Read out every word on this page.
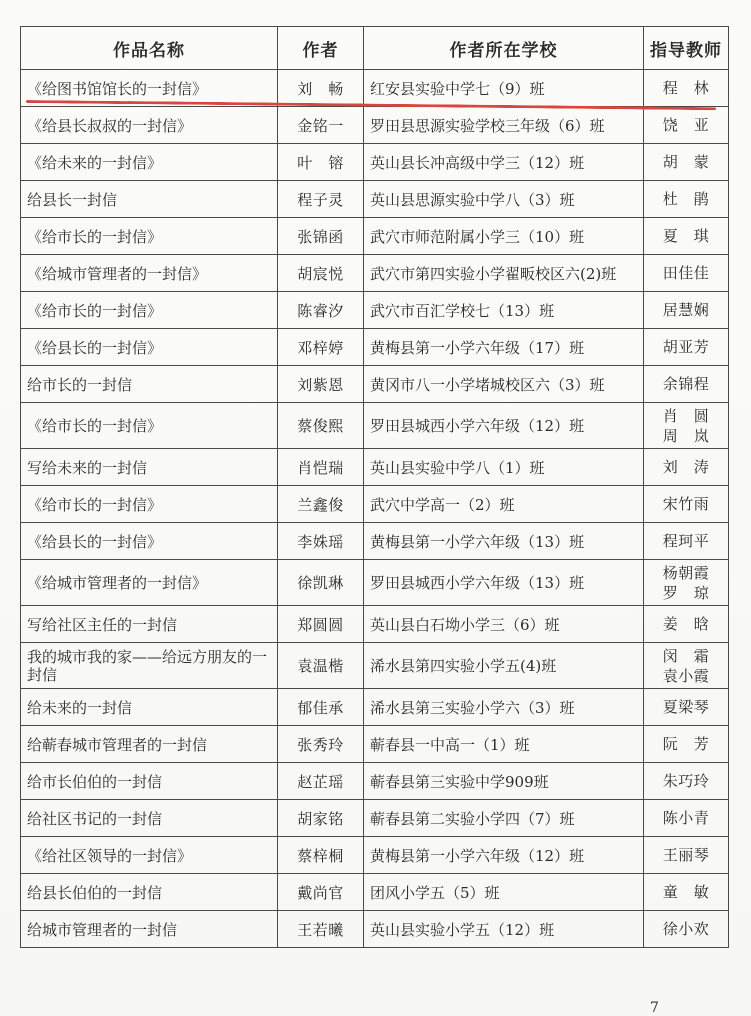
作品名称	作者	作者所在学校	指导教师
《给图书馆馆长的一封信》	刘　畅	红安县实验中学七（9）班	程　林

《给县长叔叔的一封信》	金铭一	罗田县思源实验学校三年级（6）班	饶　亚

《给未来的一封信》	叶　镕	英山县长冲高级中学三（12）班	胡　蒙

给县长一封信	程子灵	英山县思源实验中学八（3）班	杜　鹃

《给市长的一封信》	张锦函	武穴市师范附属小学三（10）班	夏　琪

《给城市管理者的一封信》	胡宸悦	武穴市第四实验小学翟畈校区六(2)班	田佳佳

《给市长的一封信》	陈睿汐	武穴市百汇学校七（13）班	居慧娴

《给县长的一封信》	邓梓婷	黄梅县第一小学六年级（17）班	胡亚芳

给市长的一封信	刘紫恩	黄冈市八一小学堵城校区六（3）班	余锦程

《给市长的一封信》	蔡俊熙	罗田县城西小学六年级（12）班	肖　圆
周　岚

写给未来的一封信	肖恺瑞	英山县实验中学八（1）班	刘　涛

《给市长的一封信》	兰鑫俊	武穴中学高一（2）班	宋竹雨

《给县长的一封信》	李姝瑶	黄梅县第一小学六年级（13）班	程珂平

《给城市管理者的一封信》	徐凯琳	罗田县城西小学六年级（13）班	杨朝霞
罗　琼

写给社区主任的一封信	郑圆圆	英山县白石坳小学三（6）班	姜　晗

我的城市我的家——给远方朋友的一封信	袁温楷	浠水县第四实验小学五(4)班	闵　霜
袁小霞

给未来的一封信	郁佳承	浠水县第三实验小学六（3）班	夏梁琴

给蕲春城市管理者的一封信	张秀玲	蕲春县一中高一（1）班	阮　芳

给市长伯伯的一封信	赵芷瑶	蕲春县第三实验中学909班	朱巧玲

给社区书记的一封信	胡家铭	蕲春县第二实验小学四（7）班	陈小青

《给社区领导的一封信》	蔡梓桐	黄梅县第一小学六年级（12）班	王丽琴

给县长伯伯的一封信	戴尚官	团风小学五（5）班	童　敏

给城市管理者的一封信	王若曦	英山县实验小学五（12）班	徐小欢
7
